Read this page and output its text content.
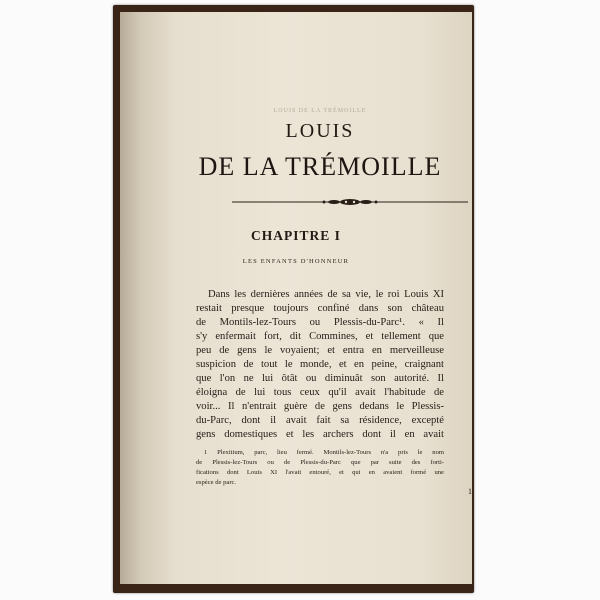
LOUIS DE LA TRÉMOILLE
LOUIS
DE LA TRÉMOILLE
CHAPITRE I
LES ENFANTS D'HONNEUR
Dans les dernières années de sa vie, le roi Louis XI
restait presque toujours confiné dans son château
de Montils-lez-Tours ou Plessis-du-Parc¹. « Il
s'y enfermait fort, dit Commines, et tellement que
peu de gens le voyaient; et entra en merveilleuse
suspicion de tout le monde, et en peine, craignant
que l'on ne lui ôtât ou diminuât son autorité. Il
éloigna de lui tous ceux qu'il avait l'habitude de
voir... Il n'entrait guère de gens dedans le Plessis-
du-Parc, dont il avait fait sa résidence, excepté
gens domestiques et les archers dont il en avait
1 Plexitium, parc, lieu fermé. Montils-lez-Tours n'a pris le nom
de Plessis-lez-Tours ou de Plessis-du-Parc que par suite des forti-
fications dont Louis XI l'avait entouré, et qui en avaient formé une
espèce de parc.
1
